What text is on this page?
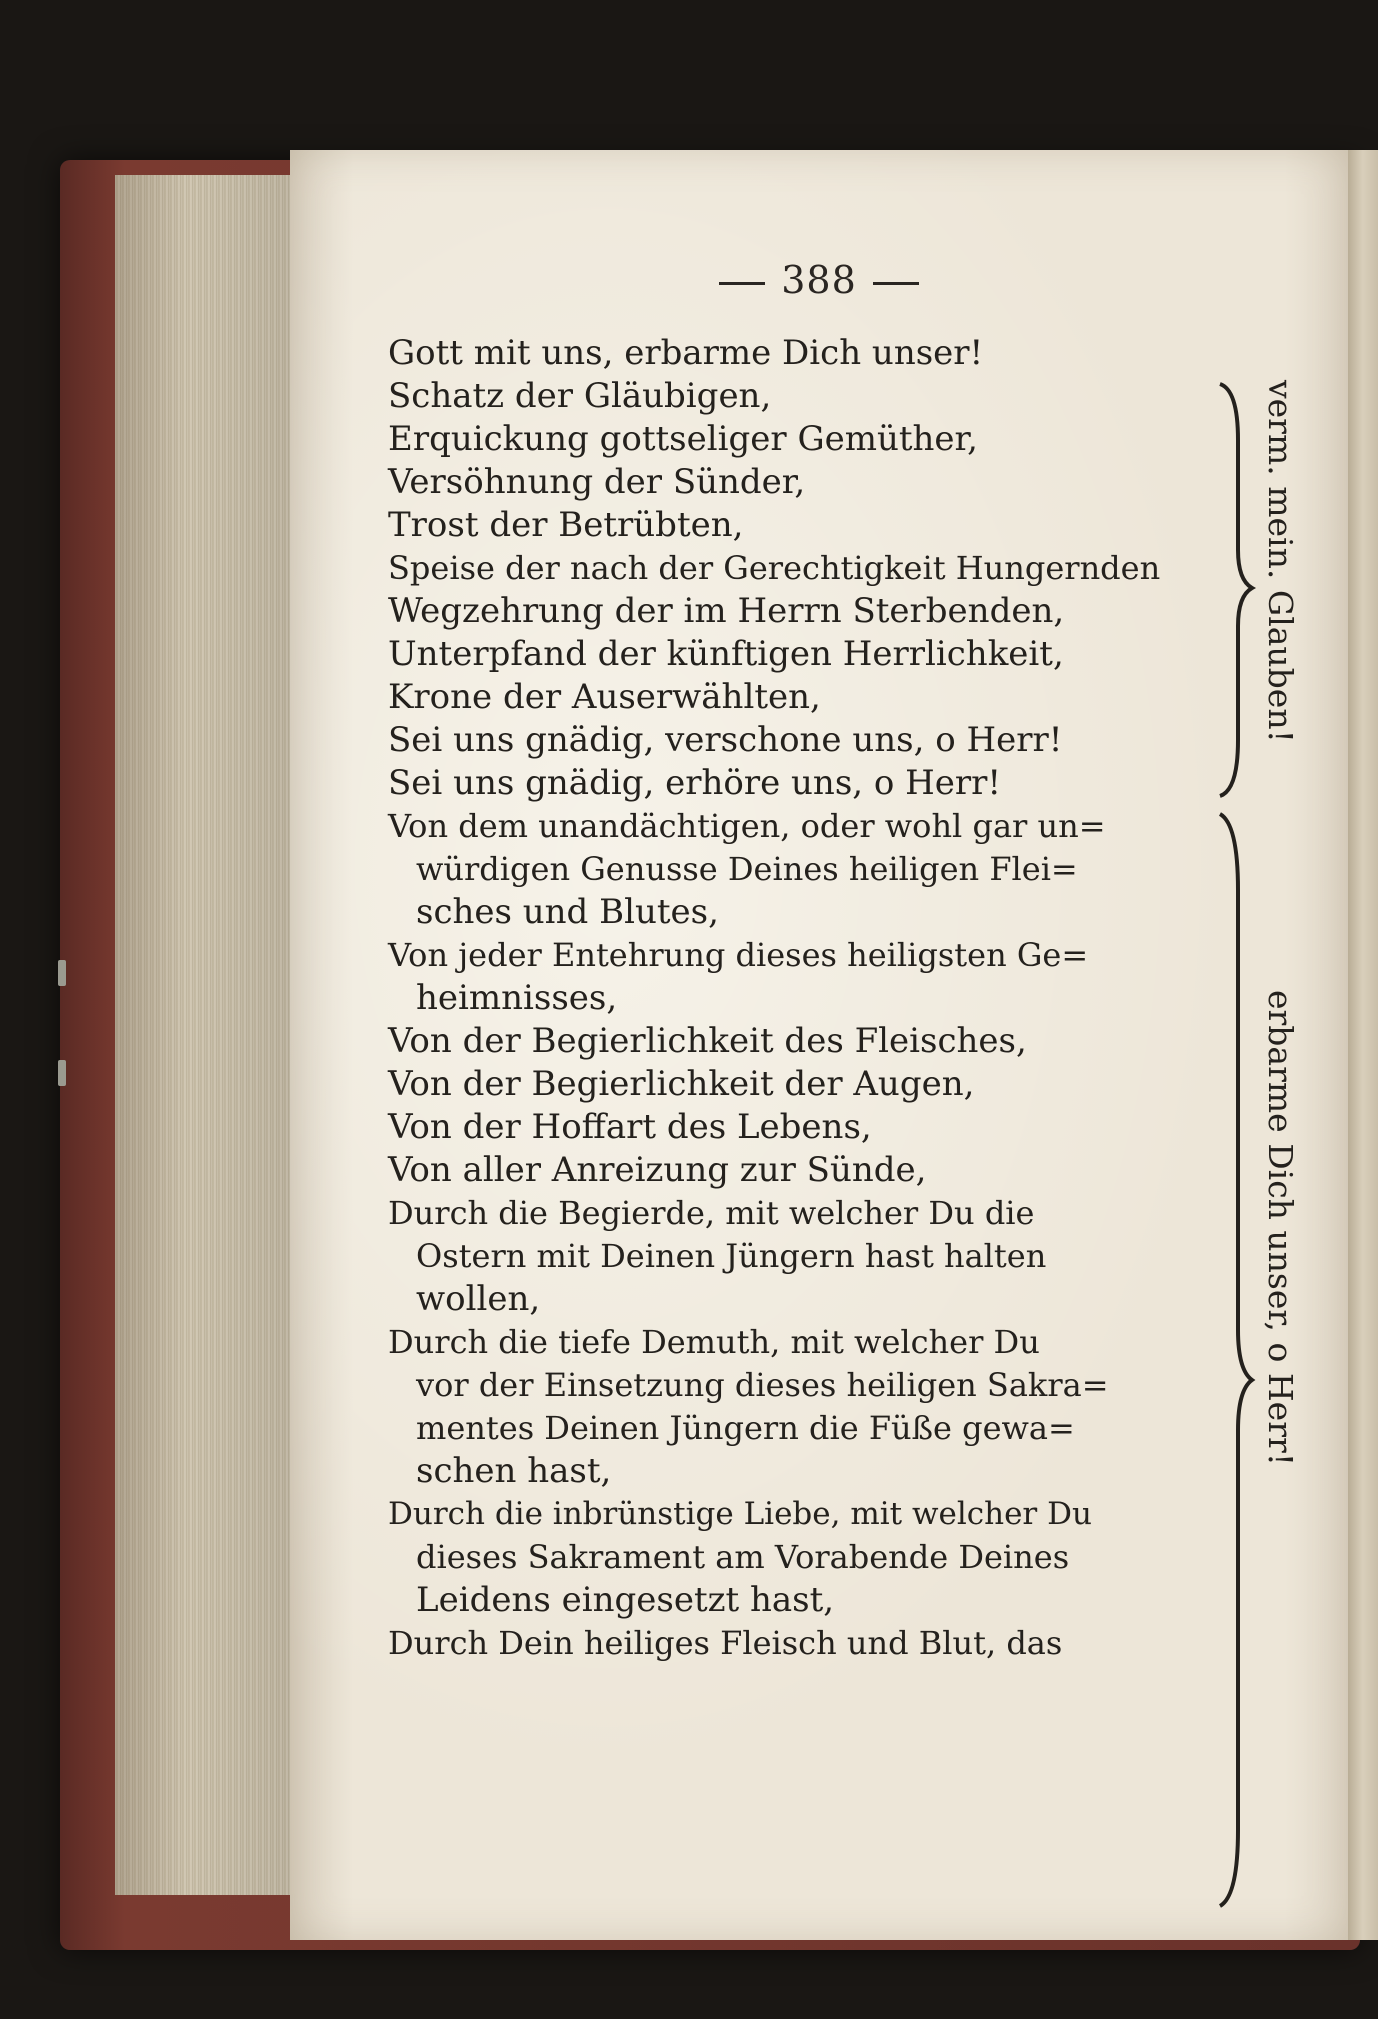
388
Gott mit uns, erbarme Dich unser!
Schatz der Gläubigen,
Erquickung gottseliger Gemüther,
Versöhnung der Sünder,
Trost der Betrübten,
Speise der nach der Gerechtigkeit Hungernden
Wegzehrung der im Herrn Sterbenden,
Unterpfand der künftigen Herrlichkeit,
Krone der Auserwählten,
Sei uns gnädig, verschone uns, o Herr!
Sei uns gnädig, erhöre uns, o Herr!
Von dem unandächtigen, oder wohl gar un=
würdigen Genusse Deines heiligen Flei=
sches und Blutes,
Von jeder Entehrung dieses heiligsten Ge=
heimnisses,
Von der Begierlichkeit des Fleisches,
Von der Begierlichkeit der Augen,
Von der Hoffart des Lebens,
Von aller Anreizung zur Sünde,
Durch die Begierde, mit welcher Du die
Ostern mit Deinen Jüngern hast halten
wollen,
Durch die tiefe Demuth, mit welcher Du
vor der Einsetzung dieses heiligen Sakra=
mentes Deinen Jüngern die Füße gewa=
schen hast,
Durch die inbrünstige Liebe, mit welcher Du
dieses Sakrament am Vorabende Deines
Leidens eingesetzt hast,
Durch Dein heiliges Fleisch und Blut, das
verm. mein. Glauben!
erbarme Dich unser, o Herr!
